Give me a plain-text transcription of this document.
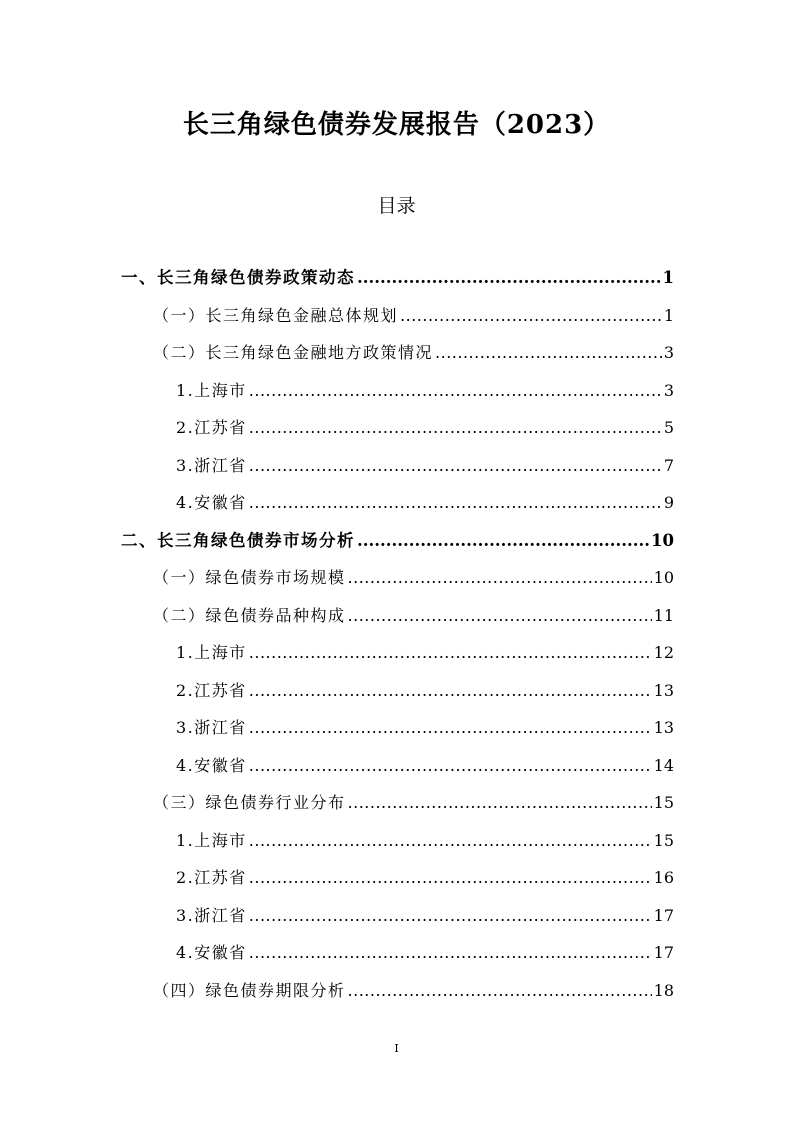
长三角绿色债券发展报告（2023）
目录
一、长三角绿色债券政策动态 .....	1
（一）长三角绿色金融总体规划 .....	1
（二）长三角绿色金融地方政策情况 .....	3
1.上海市 .....	3
2.江苏省 .....	5
3.浙江省 .....	7
4.安徽省 .....	9
二、长三角绿色债券市场分析 .....	10
（一）绿色债券市场规模 .....	10
（二）绿色债券品种构成 .....	11
1.上海市 .....	12
2.江苏省 .....	13
3.浙江省 .....	13
4.安徽省 .....	14
（三）绿色债券行业分布 .....	15
1.上海市 .....	15
2.江苏省 .....	16
3.浙江省 .....	17
4.安徽省 .....	17
（四）绿色债券期限分析 .....	18
I
